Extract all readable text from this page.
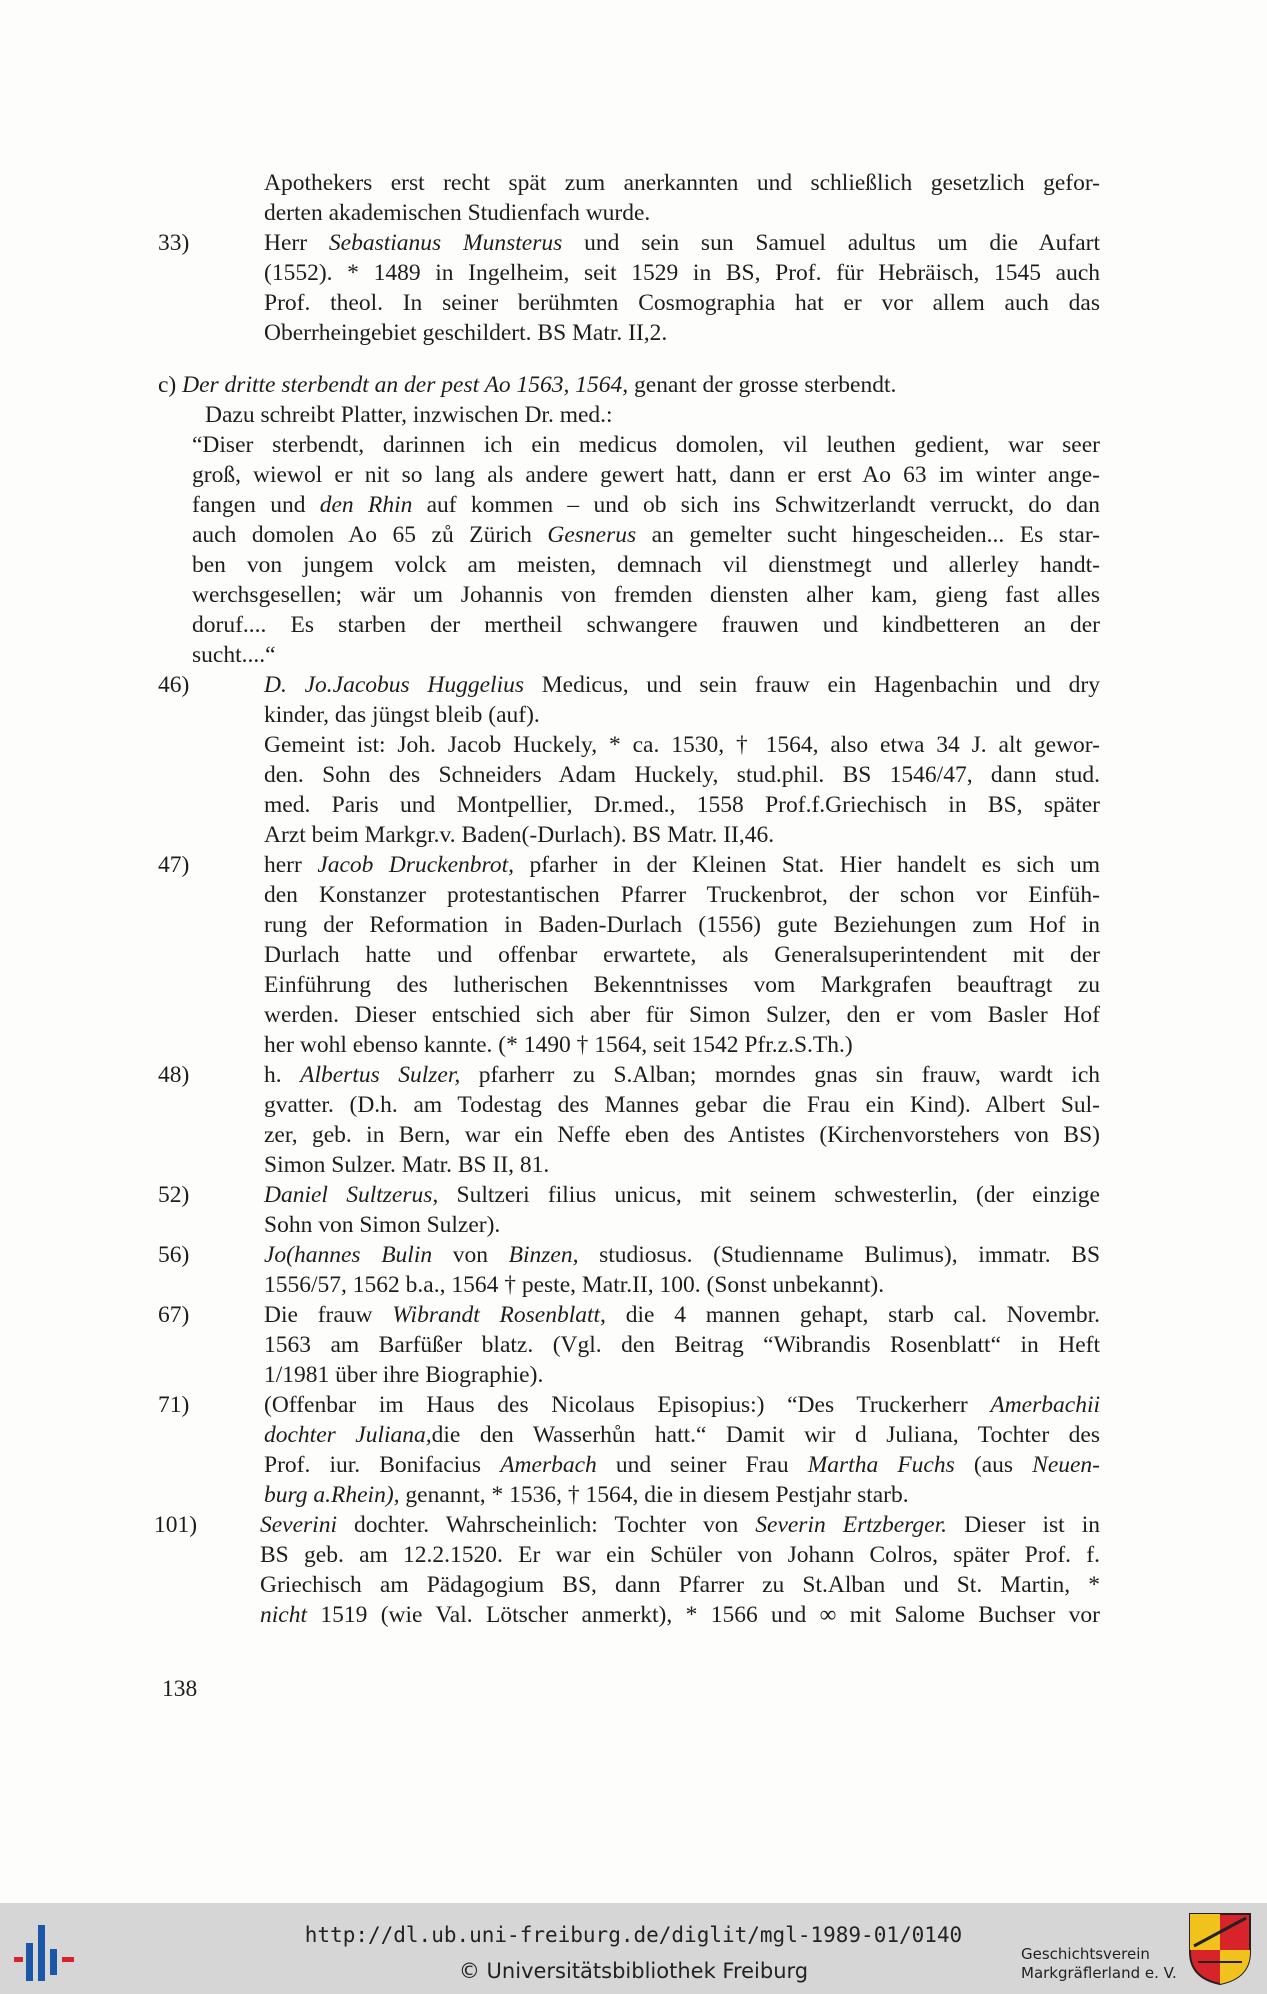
Apothekers erst recht spät zum anerkannten und schließlich gesetzlich gefor-
derten akademischen Studienfach wurde.
33)	Herr Sebastianus Munsterus und sein sun Samuel adultus um die Aufart
(1552). * 1489 in Ingelheim, seit 1529 in BS, Prof. für Hebräisch, 1545 auch
Prof. theol. In seiner berühmten Cosmographia hat er vor allem auch das
Oberrheingebiet geschildert. BS Matr. II,2.
c) Der dritte sterbendt an der pest Ao 1563, 1564, genant der grosse sterbendt.
Dazu schreibt Platter, inzwischen Dr. med.:
“Diser sterbendt, darinnen ich ein medicus domolen, vil leuthen gedient, war seer
groß, wiewol er nit so lang als andere gewert hatt, dann er erst Ao 63 im winter ange-
fangen und den Rhin auf kommen – und ob sich ins Schwitzerlandt verruckt, do dan
auch domolen Ao 65 zů Zürich Gesnerus an gemelter sucht hingescheiden... Es star-
ben von jungem volck am meisten, demnach vil dienstmegt und allerley handt-
werchsgesellen; wär um Johannis von fremden diensten alher kam, gieng fast alles
doruf.... Es starben der mertheil schwangere frauwen und kindbetteren an der
sucht....“
46)	D. Jo.Jacobus Huggelius Medicus, und sein frauw ein Hagenbachin und dry
kinder, das jüngst bleib (auf).
Gemeint ist: Joh. Jacob Huckely, * ca. 1530, † 1564, also etwa 34 J. alt gewor-
den. Sohn des Schneiders Adam Huckely, stud.phil. BS 1546/47, dann stud.
med. Paris und Montpellier, Dr.med., 1558 Prof.f.Griechisch in BS, später
Arzt beim Markgr.v. Baden(-Durlach). BS Matr. II,46.
47)	herr Jacob Druckenbrot, pfarher in der Kleinen Stat. Hier handelt es sich um
den Konstanzer protestantischen Pfarrer Truckenbrot, der schon vor Einfüh-
rung der Reformation in Baden-Durlach (1556) gute Beziehungen zum Hof in
Durlach hatte und offenbar erwartete, als Generalsuperintendent mit der
Einführung des lutherischen Bekenntnisses vom Markgrafen beauftragt zu
werden. Dieser entschied sich aber für Simon Sulzer, den er vom Basler Hof
her wohl ebenso kannte. (* 1490 † 1564, seit 1542 Pfr.z.S.Th.)
48)	h. Albertus Sulzer, pfarherr zu S.Alban; morndes gnas sin frauw, wardt ich
gvatter. (D.h. am Todestag des Mannes gebar die Frau ein Kind). Albert Sul-
zer, geb. in Bern, war ein Neffe eben des Antistes (Kirchenvorstehers von BS)
Simon Sulzer. Matr. BS II, 81.
52)	Daniel Sultzerus, Sultzeri filius unicus, mit seinem schwesterlin, (der einzige
Sohn von Simon Sulzer).
56)	Jo(hannes Bulin von Binzen, studiosus. (Studienname Bulimus), immatr. BS
1556/57, 1562 b.a., 1564 † peste, Matr.II, 100. (Sonst unbekannt).
67)	Die frauw Wibrandt Rosenblatt, die 4 mannen gehapt, starb cal. Novembr.
1563 am Barfüßer blatz. (Vgl. den Beitrag “Wibrandis Rosenblatt“ in Heft
1/1981 über ihre Biographie).
71)	(Offenbar im Haus des Nicolaus Episopius:) “Des Truckerherr Amerbachii
dochter Juliana,die den Wasserhůn hatt.“ Damit wir d Juliana, Tochter des
Prof. iur. Bonifacius Amerbach und seiner Frau Martha Fuchs (aus Neuen-
burg a.Rhein), genannt, * 1536, † 1564, die in diesem Pestjahr starb.
101)	Severini dochter. Wahrscheinlich: Tochter von Severin Ertzberger. Dieser ist in
BS geb. am 12.2.1520. Er war ein Schüler von Johann Colros, später Prof. f.
Griechisch am Pädagogium BS, dann Pfarrer zu St.Alban und St. Martin, *
nicht 1519 (wie Val. Lötscher anmerkt), * 1566 und ∞ mit Salome Buchser vor
138
http://dl.ub.uni-freiburg.de/diglit/mgl-1989-01/0140
© Universitätsbibliothek Freiburg
Geschichtsverein
Markgräflerland e. V.
